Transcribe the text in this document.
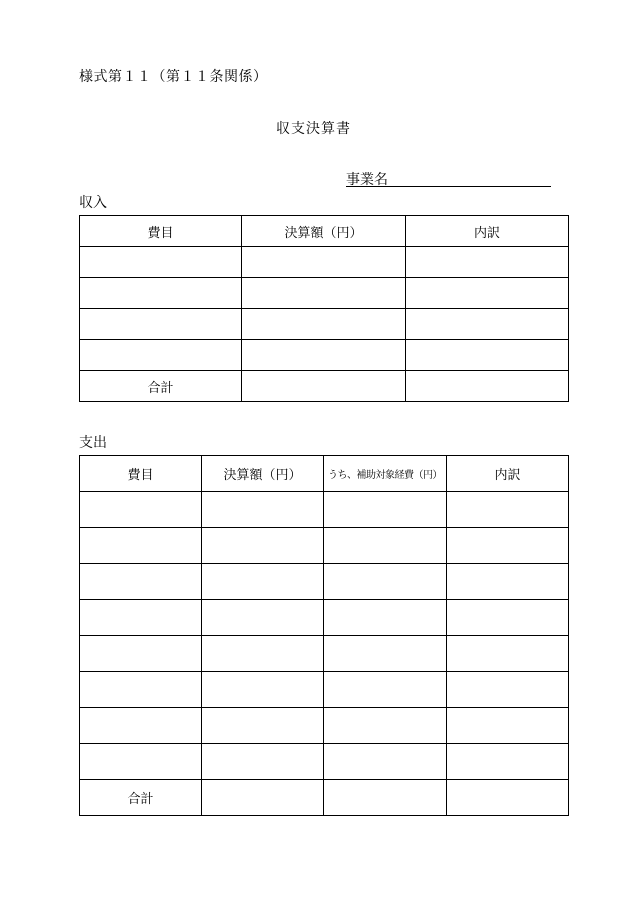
様式第１１（第１１条関係）
収支決算書
事業名
収入
費目	決算額（円）	内訳

合計		
支出
費目	決算額（円）	うち、補助対象経費（円）	内訳

合計			
